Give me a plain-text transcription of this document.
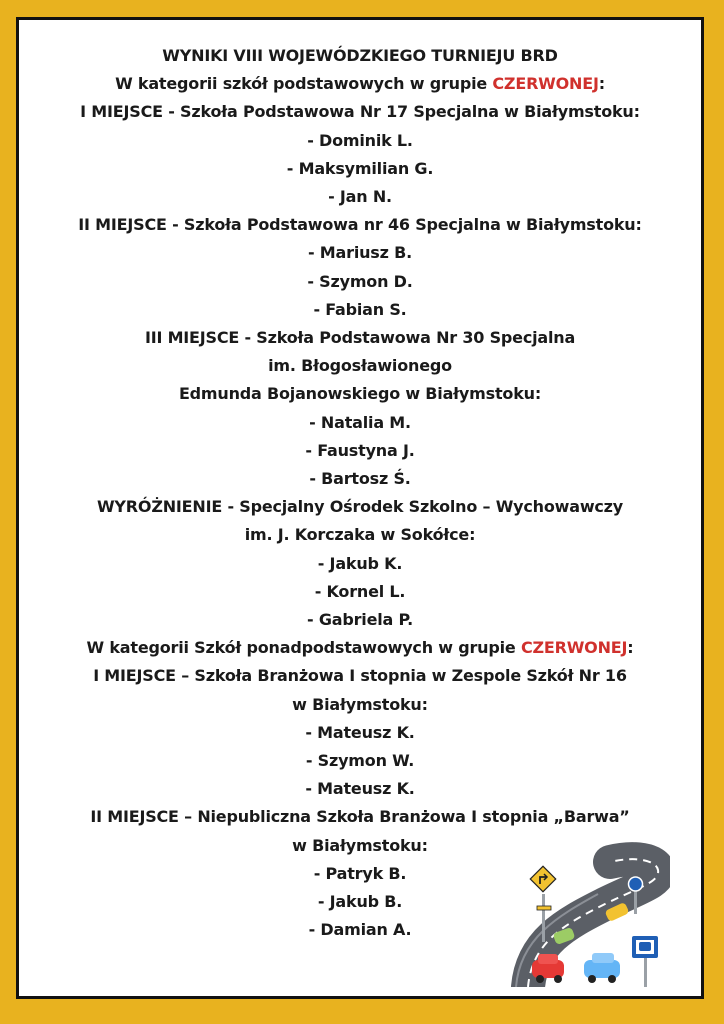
WYNIKI VIII WOJEWÓDZKIEGO TURNIEJU BRD
W kategorii szkół podstawowych w grupie CZERWONEJ:
I MIEJSCE - Szkoła Podstawowa Nr 17 Specjalna w Białymstoku:
- Dominik L.
- Maksymilian G.
- Jan N.
II MIEJSCE - Szkoła Podstawowa nr 46 Specjalna w Białymstoku:
- Mariusz B.
- Szymon D.
- Fabian S.
III MIEJSCE - Szkoła Podstawowa Nr 30 Specjalna
im. Błogosławionego
Edmunda Bojanowskiego w Białymstoku:
- Natalia M.
- Faustyna J.
- Bartosz Ś.
WYRÓŻNIENIE - Specjalny Ośrodek Szkolno – Wychowawczy
im. J. Korczaka w Sokółce:
- Jakub K.
- Kornel L.
- Gabriela P.
W kategorii Szkół ponadpodstawowych w grupie CZERWONEJ:
I MIEJSCE – Szkoła Branżowa I stopnia w Zespole Szkół Nr 16
w Białymstoku:
- Mateusz K.
- Szymon W.
- Mateusz K.
II MIEJSCE – Niepubliczna Szkoła Branżowa I stopnia „Barwa”
w Białymstoku:
- Patryk B.
- Jakub B.
- Damian A.
